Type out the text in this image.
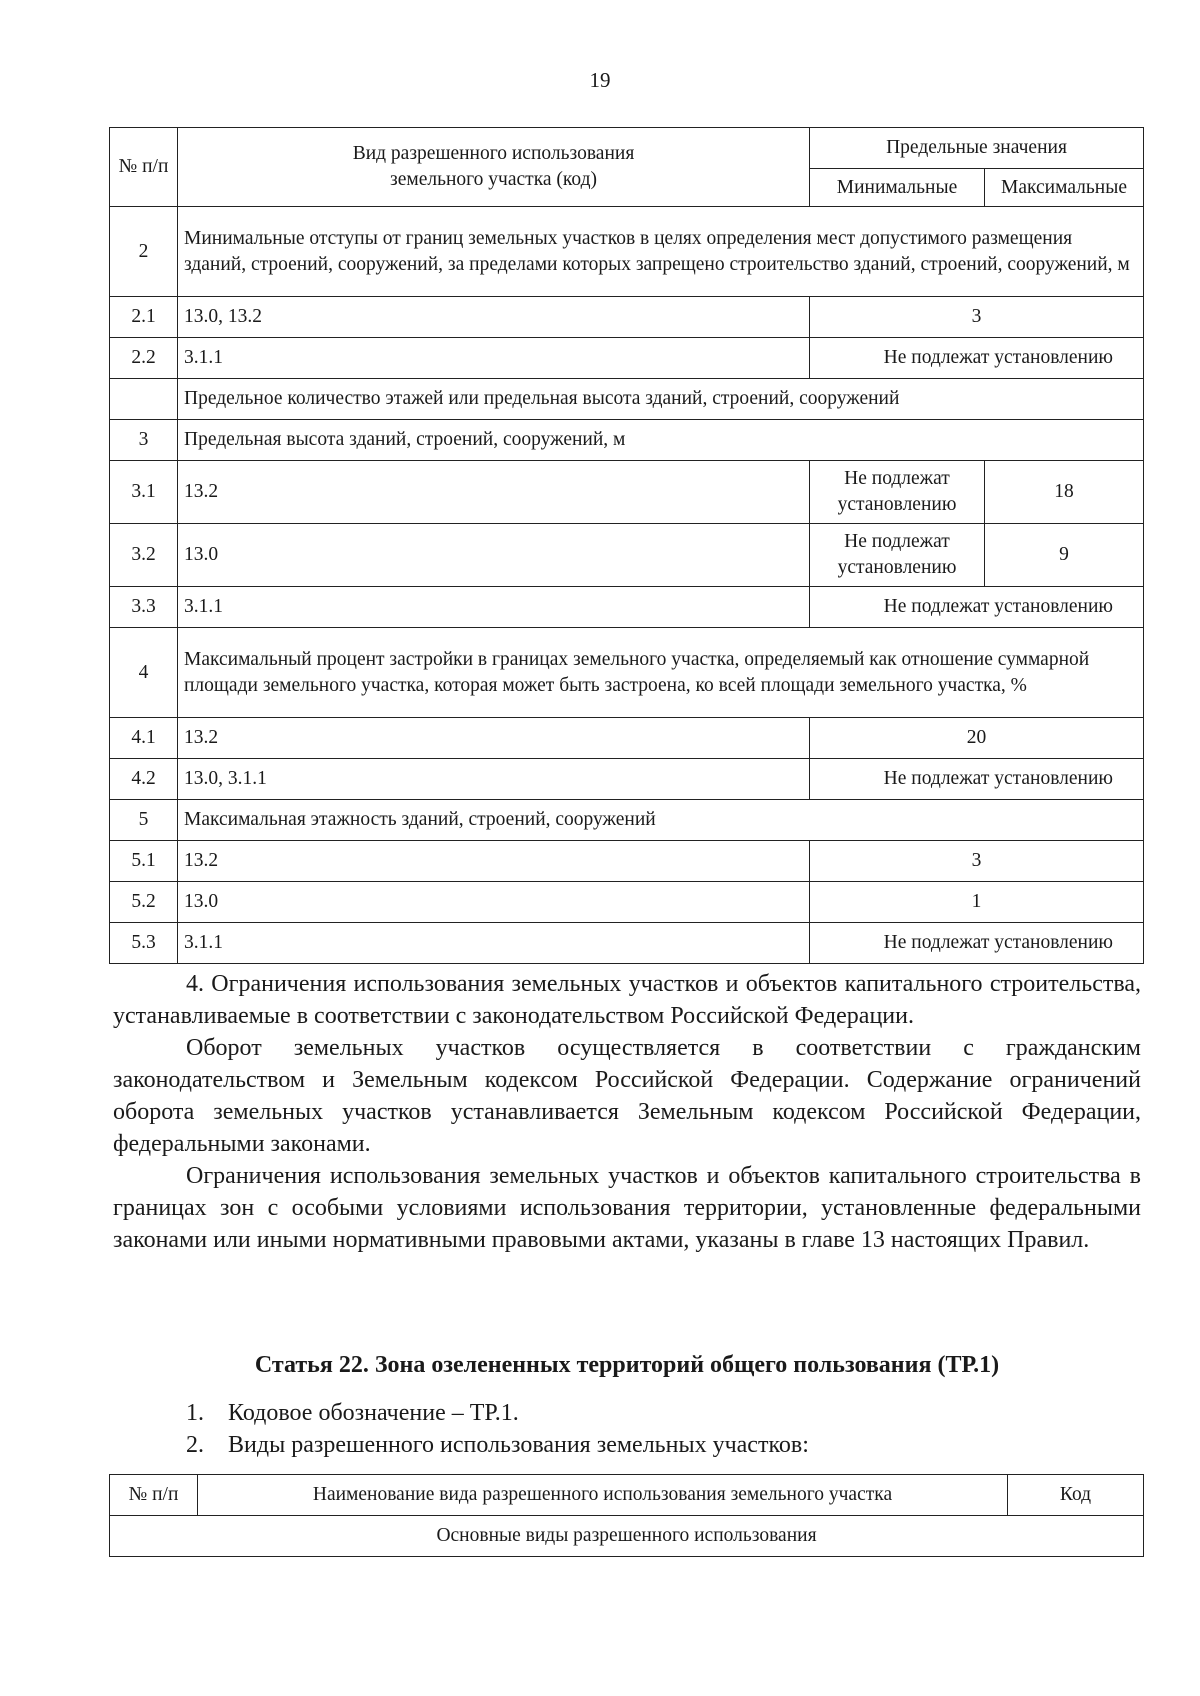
19
№ п/п	Вид разрешенного использования земельного участка (код)	Предельные значения	
		Минимальные	Максимальные
2	Минимальные отступы от границ земельных участков в целях определения мест допустимого размещения зданий, строений, сооружений, за пределами которых запрещено строительство зданий, строений, сооружений, м		
2.1	13.0, 13.2	3	
2.2	3.1.1	Не подлежат установлению	
	Предельное количество этажей или предельная высота зданий, строений, сооружений		
3	Предельная высота зданий, строений, сооружений, м		
3.1	13.2	Не подлежат установлению	18
3.2	13.0	Не подлежат установлению	9
3.3	3.1.1	Не подлежат установлению	
4	Максимальный процент застройки в границах земельного участка, определяемый как отношение суммарной площади земельного участка, которая может быть застроена, ко всей площади земельного участка, %		
4.1	13.2	20	
4.2	13.0, 3.1.1	Не подлежат установлению	
5	Максимальная этажность зданий, строений, сооружений		
5.1	13.2	3	
5.2	13.0	1	
5.3	3.1.1	Не подлежат установлению	

4. Ограничения использования земельных участков и объектов капитального строительства, устанавливаемые в соответствии с законодательством Российской Федерации.

Оборот земельных участков осуществляется в соответствии с гражданским законодательством и Земельным кодексом Российской Федерации. Содержание ограничений оборота земельных участков устанавливается Земельным кодексом Российской Федерации, федеральными законами.

Ограничения использования земельных участков и объектов капитального строительства в границах зон с особыми условиями использования территории, установленные федеральными законами или иными нормативными правовыми актами, указаны в главе 13 настоящих Правил.

Статья 22. Зона озелененных территорий общего пользования (ТР.1)
1. Кодовое обозначение – ТР.1.
2. Виды разрешенного использования земельных участков:
№ п/п	Наименование вида разрешенного использования земельного участка	Код
Основные виды разрешенного использования
